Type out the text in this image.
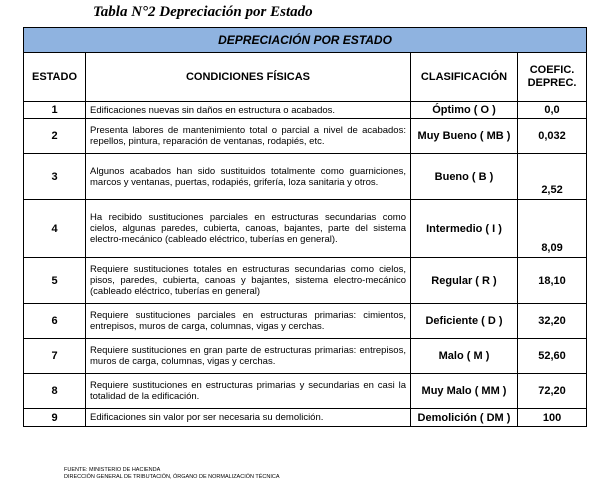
Tabla N°2 Depreciación por Estado
DEPRECIACIÓN POR ESTADO			
ESTADO	CONDICIONES FÍSICAS	CLASIFICACIÓN	COEFIC.
DEPREC.
1	Edificaciones nuevas sin daños en estructura o acabados.	Óptimo ( O )	0,0
2	Presenta labores de mantenimiento total o parcial a nivel de acabados: repellos, pintura, reparación de ventanas, rodapiés, etc.	Muy Bueno ( MB )	0,032
3	Algunos acabados han sido sustituidos totalmente como guarniciones, marcos y ventanas, puertas, rodapiés, grifería, loza sanitaria y otros.	Bueno ( B )	2,52
4	Ha recibido sustituciones parciales en estructuras secundarias como cielos, algunas paredes, cubierta, canoas, bajantes, parte del sistema electro-mecánico (cableado eléctrico, tuberías en general).	Intermedio ( I )	8,09
5	Requiere sustituciones totales en estructuras secundarias como cielos, pisos, paredes, cubierta, canoas y bajantes, sistema electro-mecánico (cableado eléctrico, tuberías en general)	Regular ( R )	18,10
6	Requiere sustituciones parciales en estructuras primarias: cimientos, entrepisos, muros de carga, columnas, vigas y cerchas.	Deficiente ( D )	32,20
7	Requiere sustituciones en gran parte de estructuras primarias: entrepisos, muros de carga, columnas, vigas y cerchas.	Malo ( M )	52,60
8	Requiere sustituciones en estructuras primarias y secundarias en casi la totalidad de la edificación.	Muy Malo ( MM )	72,20
9	Edificaciones sin valor por ser necesaria su demolición.	Demolición ( DM )	100
FUENTE: MINISTERIO DE HACIENDA
DIRECCIÓN GENERAL DE TRIBUTACIÓN, ÓRGANO DE NORMALIZACIÓN TÉCNICA
